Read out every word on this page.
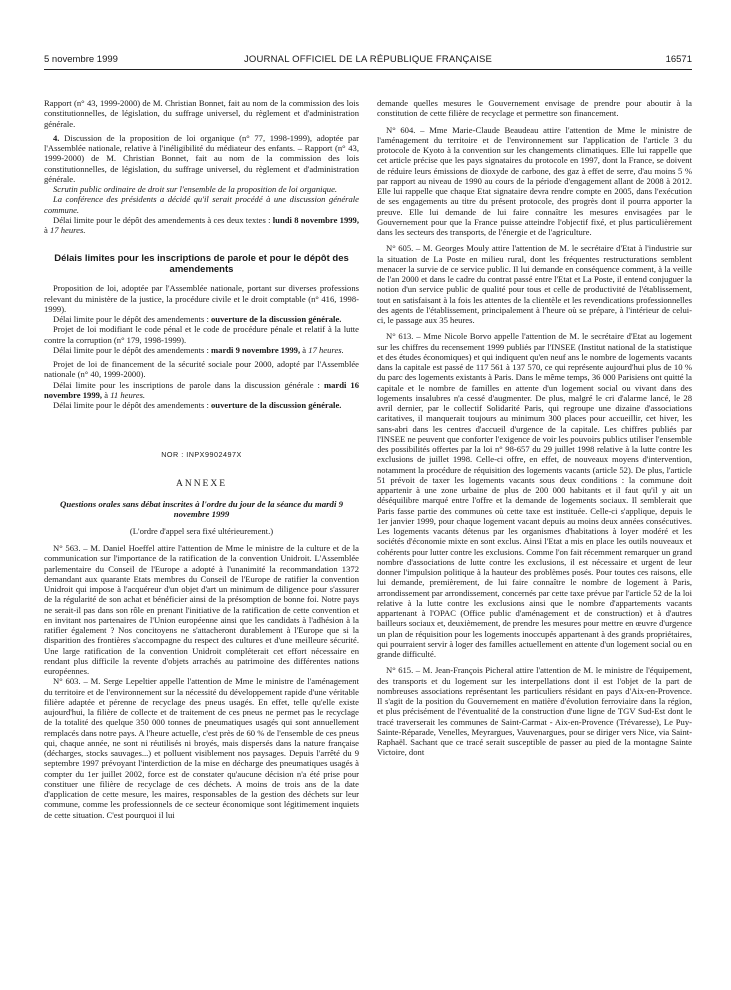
5 novembre 1999	JOURNAL OFFICIEL DE LA RÉPUBLIQUE FRANÇAISE	16571

Rapport (n° 43, 1999-2000) de M. Christian Bonnet, fait au nom de la commission des lois constitutionnelles, de législation, du suffrage universel, du règlement et d'administration générale.

4. Discussion de la proposition de loi organique (n° 77, 1998-1999), adoptée par l'Assemblée nationale, relative à l'inéligibilité du médiateur des enfants. – Rapport (n° 43, 1999-2000) de M. Christian Bonnet, fait au nom de la commission des lois constitutionnelles, de législation, du suffrage universel, du règlement et d'administration générale.

Scrutin public ordinaire de droit sur l'ensemble de la proposition de loi organique.

La conférence des présidents a décidé qu'il serait procédé à une discussion générale commune.

Délai limite pour le dépôt des amendements à ces deux textes : lundi 8 novembre 1999, à 17 heures.

Délais limites pour les inscriptions de parole et pour le dépôt des amendements

Proposition de loi, adoptée par l'Assemblée nationale, portant sur diverses professions relevant du ministère de la justice, la procédure civile et le droit comptable (n° 416, 1998-1999).

Délai limite pour le dépôt des amendements : ouverture de la discussion générale.

Projet de loi modifiant le code pénal et le code de procédure pénale et relatif à la lutte contre la corruption (n° 179, 1998-1999).

Délai limite pour le dépôt des amendements : mardi 9 novembre 1999, à 17 heures.

Projet de loi de financement de la sécurité sociale pour 2000, adopté par l'Assemblée nationale (n° 40, 1999-2000).

Délai limite pour les inscriptions de parole dans la discussion générale : mardi 16 novembre 1999, à 11 heures.

Délai limite pour le dépôt des amendements : ouverture de la discussion générale.

NOR : INPX9902497X
ANNEXE
Questions orales sans débat inscrites à l'ordre du jour de la séance du mardi 9 novembre 1999
(L'ordre d'appel sera fixé ultérieurement.)

N° 563. – M. Daniel Hoeffel attire l'attention de Mme le ministre de la culture et de la communication sur l'importance de la ratification de la convention Unidroit. L'Assemblée parlementaire du Conseil de l'Europe a adopté à l'unanimité la recommandation 1372 demandant aux quarante Etats membres du Conseil de l'Europe de ratifier la convention Unidroit qui impose à l'acquéreur d'un objet d'art un minimum de diligence pour s'assurer de la régularité de son achat et bénéficier ainsi de la présomption de bonne foi. Notre pays ne serait-il pas dans son rôle en prenant l'initiative de la ratification de cette convention et en invitant nos partenaires de l'Union européenne ainsi que les candidats à l'adhésion à la ratifier également ? Nos concitoyens ne s'attacheront durablement à l'Europe que si la disparition des frontières s'accompagne du respect des cultures et d'une meilleure sécurité. Une large ratification de la convention Unidroit compléterait cet effort nécessaire en rendant plus difficile la revente d'objets arrachés au patrimoine des différentes nations européennes.

N° 603. – M. Serge Lepeltier appelle l'attention de Mme le ministre de l'aménagement du territoire et de l'environnement sur la nécessité du développement rapide d'une véritable filière adaptée et pérenne de recyclage des pneus usagés. En effet, telle qu'elle existe aujourd'hui, la filière de collecte et de traitement de ces pneus ne permet pas le recyclage de la totalité des quelque 350 000 tonnes de pneumatiques usagés qui sont annuellement remplacés dans notre pays. A l'heure actuelle, c'est près de 60 % de l'ensemble de ces pneus qui, chaque année, ne sont ni réutilisés ni broyés, mais dispersés dans la nature française (décharges, stocks sauvages...) et polluent visiblement nos paysages. Depuis l'arrêté du 9 septembre 1997 prévoyant l'interdiction de la mise en décharge des pneumatiques usagés à compter du 1er juillet 2002, force est de constater qu'aucune décision n'a été prise pour constituer une filière de recyclage de ces déchets. A moins de trois ans de la date d'application de cette mesure, les maires, responsables de la gestion des déchets sur leur commune, comme les professionnels de ce secteur économique sont légitimement inquiets de cette situation. C'est pourquoi il lui

demande quelles mesures le Gouvernement envisage de prendre pour aboutir à la constitution de cette filière de recyclage et permettre son financement.

N° 604. – Mme Marie-Claude Beaudeau attire l'attention de Mme le ministre de l'aménagement du territoire et de l'environnement sur l'application de l'article 3 du protocole de Kyoto à la convention sur les changements climatiques. Elle lui rappelle que cet article précise que les pays signataires du protocole en 1997, dont la France, se doivent de réduire leurs émissions de dioxyde de carbone, des gaz à effet de serre, d'au moins 5 % par rapport au niveau de 1990 au cours de la période d'engagement allant de 2008 à 2012. Elle lui rappelle que chaque Etat signataire devra rendre compte en 2005, dans l'exécution de ses engagements au titre du présent protocole, des progrès dont il pourra apporter la preuve. Elle lui demande de lui faire connaître les mesures envisagées par le Gouvernement pour que la France puisse atteindre l'objectif fixé, et plus particulièrement dans les secteurs des transports, de l'énergie et de l'agriculture.

N° 605. – M. Georges Mouly attire l'attention de M. le secrétaire d'Etat à l'industrie sur la situation de La Poste en milieu rural, dont les fréquentes restructurations semblent menacer la survie de ce service public. Il lui demande en conséquence comment, à la veille de l'an 2000 et dans le cadre du contrat passé entre l'Etat et La Poste, il entend conjuguer la notion d'un service public de qualité pour tous et celle de productivité de l'établissement, tout en satisfaisant à la fois les attentes de la clientèle et les revendications professionnelles des agents de l'établissement, principalement à l'heure où se prépare, à l'intérieur de celui-ci, le passage aux 35 heures.

N° 613. – Mme Nicole Borvo appelle l'attention de M. le secrétaire d'Etat au logement sur les chiffres du recensement 1999 publiés par l'INSEE (Institut national de la statistique et des études économiques) et qui indiquent qu'en neuf ans le nombre de logements vacants dans la capitale est passé de 117 561 à 137 570, ce qui représente aujourd'hui plus de 10 % du parc des logements existants à Paris. Dans le même temps, 36 000 Parisiens ont quitté la capitale et le nombre de familles en attente d'un logement social ou vivant dans des logements insalubres n'a cessé d'augmenter. De plus, malgré le cri d'alarme lancé, le 28 avril dernier, par le collectif Solidarité Paris, qui regroupe une dizaine d'associations caritatives, il manquerait toujours au minimum 300 places pour accueillir, cet hiver, les sans-abri dans les centres d'accueil d'urgence de la capitale. Les chiffres publiés par l'INSEE ne peuvent que conforter l'exigence de voir les pouvoirs publics utiliser l'ensemble des possibilités offertes par la loi n° 98-657 du 29 juillet 1998 relative à la lutte contre les exclusions de juillet 1998. Celle-ci offre, en effet, de nouveaux moyens d'intervention, notamment la procédure de réquisition des logements vacants (article 52). De plus, l'article 51 prévoit de taxer les logements vacants sous deux conditions : la commune doit appartenir à une zone urbaine de plus de 200 000 habitants et il faut qu'il y ait un déséquilibre marqué entre l'offre et la demande de logements sociaux. Il semblerait que Paris fasse partie des communes où cette taxe est instituée. Celle-ci s'applique, depuis le 1er janvier 1999, pour chaque logement vacant depuis au moins deux années consécutives. Les logements vacants détenus par les organismes d'habitations à loyer modéré et les sociétés d'économie mixte en sont exclus. Ainsi l'Etat a mis en place les outils nouveaux et cohérents pour lutter contre les exclusions. Comme l'on fait récemment remarquer un grand nombre d'associations de lutte contre les exclusions, il est nécessaire et urgent de leur donner l'impulsion politique à la hauteur des problèmes posés. Pour toutes ces raisons, elle lui demande, premièrement, de lui faire connaître le nombre de logement à Paris, arrondissement par arrondissement, concernés par cette taxe prévue par l'article 52 de la loi relative à la lutte contre les exclusions ainsi que le nombre d'appartements vacants appartenant à l'OPAC (Office public d'aménagement et de construction) et à d'autres bailleurs sociaux et, deuxièmement, de prendre les mesures pour mettre en œuvre d'urgence un plan de réquisition pour les logements inoccupés appartenant à des grands propriétaires, qui pourraient servir à loger des familles actuellement en attente d'un logement social ou en grande difficulté.

N° 615. – M. Jean-François Picheral attire l'attention de M. le ministre de l'équipement, des transports et du logement sur les interpellations dont il est l'objet de la part de nombreuses associations représentant les particuliers résidant en pays d'Aix-en-Provence. Il s'agit de la position du Gouvernement en matière d'évolution ferroviaire dans la région, et plus précisément de l'éventualité de la construction d'une ligne de TGV Sud-Est dont le tracé traverserait les communes de Saint-Carmat - Aix-en-Provence (Trévaresse), Le Puy-Sainte-Réparade, Venelles, Meyrargues, Vauvenargues, pour se diriger vers Nice, via Saint-Raphaël. Sachant que ce tracé serait susceptible de passer au pied de la montagne Sainte Victoire, dont
